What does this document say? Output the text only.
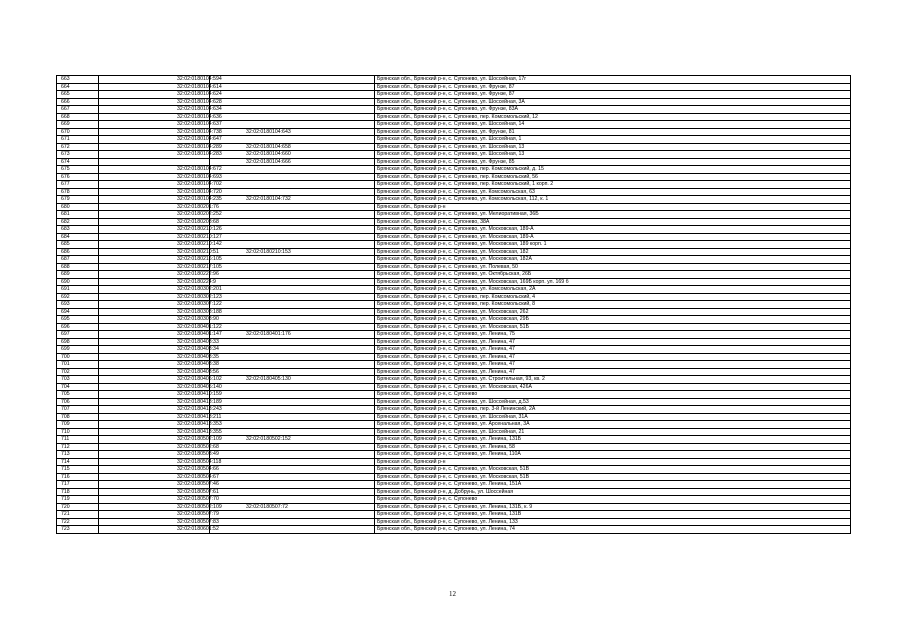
663	32:02:0180104:594		Брянская обл., Брянский р-н, с. Супонево, ул. Шоссейная, 17г
664	32:02:0180104:614		Брянская обл., Брянский р-н, с. Супонево, ул. Фрунзе, 87
665	32:02:0180104:624		Брянская обл., Брянский р-н, с. Супонево, ул. Фрунзе, 87
666	32:02:0180104:628		Брянская обл., Брянский р-н, с. Супонево, ул. Шоссейная, 3А
667	32:02:0180104:634		Брянская обл., Брянский р-н, с. Супонево, ул. Фрунзе, 83А
668	32:02:0180104:636		Брянская обл., Брянский р-н, с. Супонево, пер. Комсомольский, 12
669	32:02:0180104:637		Брянская обл., Брянский р-н, с. Супонево, ул. Шоссейная, 14
670	32:02:0180104:738	32:02:0180104:643	Брянская обл., Брянский р-н, с. Супонево, ул. Фрунзе, 81
671	32:02:0180104:647		Брянская обл., Брянский р-н, с. Супонево, ул. Шоссейная, 1
672	32:02:0180104:289	32:02:0180104:658	Брянская обл., Брянский р-н, с. Супонево, ул. Шоссейная, 13
673	32:02:0180104:283	32:02:0180104:660	Брянская обл., Брянский р-н, с. Супонево, ул. Шоссейная, 13
674		32:02:0180104:666	Брянская обл., Брянский р-н, с. Супонево, ул. Фрунзе, 85
675	32:02:0180104:672		Брянская обл., Брянский р-н, с. Супонево, пер. Комсомольский, д. 15
676	32:02:0180104:693		Брянская обл., Брянский р-н, с. Супонево, пер. Комсомольский, 56
677	32:02:0180104:702		Брянская обл., Брянский р-н, с. Супонево, пер. Комсомольский, 1 корп. 2
678	32:02:0180104:720		Брянская обл., Брянский р-н, с. Супонево, ул. Комсомольская, 63
679	32:02:0180104:235	32:02:0180104:732	Брянская обл., Брянский р-н, с. Супонево, ул. Комсомольская, 112, к. 1
680	32:02:0180201:76		Брянская обл., Брянский р-н
681	32:02:0180202:252		Брянская обл., Брянский р-н, с. Супонево, ул. Мелиоративная, 36Б
682	32:02:0180208:68		Брянская обл., Брянский р-н, с. Супонево, 38А
683	32:02:0180210:126		Брянская обл., Брянский р-н, с. Супонево, ул. Московская, 189-А
684	32:02:0180210:127		Брянская обл., Брянский р-н, с. Супонево, ул. Московская, 189-А
685	32:02:0180210:142		Брянская обл., Брянский р-н, с. Супонево, ул. Московская, 189 корп. 1
686	32:02:0180210:51	32:02:0180210:153	Брянская обл., Брянский р-н, с. Супонево, ул. Московская, 182
687	32:02:0180216:105		Брянская обл., Брянский р-н, с. Супонево, ул. Московская, 182А
688	32:02:0180217:105		Брянская обл., Брянский р-н, с. Супонево, ул. Полевая, 50
689	32:02:0180222:96		Брянская обл., Брянский р-н, с. Супонево, ул. Октябрьская, 26Б
690	32:02:0180224:9		Брянская обл., Брянский р-н, с. Супонево, ул. Московская, 169Б корп. ул. 169 б
691	32:02:0180302:201		Брянская обл., Брянский р-н, с. Супонево, ул. Комсомольская, 2А
692	32:02:0180302:123		Брянская обл., Брянский р-н, с. Супонево, пер. Комсомольский, 4
693	32:02:0180307:122		Брянская обл., Брянский р-н, с. Супонево, пер. Комсомольский, 8
694	32:02:0180308:188		Брянская обл., Брянский р-н, с. Супонево, ул. Московская, 262
695	32:02:0180308:90		Брянская обл., Брянский р-н, с. Супонево, ул. Московская, 29Б
696	32:02:0180401:122		Брянская обл., Брянский р-н, с. Супонево, ул. Московская, 51Б
697	32:02:0180401:147	32:02:0180401:176	Брянская обл., Брянский р-н, с. Супонево, ул. Ленина, 75
698	32:02:0180403:33		Брянская обл., Брянский р-н, с. Супонево, ул. Ленина, 47
699	32:02:0180403:34		Брянская обл., Брянский р-н, с. Супонево, ул. Ленина, 47
700	32:02:0180403:35		Брянская обл., Брянский р-н, с. Супонево, ул. Ленина, 47
701	32:02:0180403:38		Брянская обл., Брянский р-н, с. Супонево, ул. Ленина, 47
702	32:02:0180403:56		Брянская обл., Брянский р-н, с. Супонево, ул. Ленина, 47
703	32:02:0180405:102	32:02:0180405:130	Брянская обл., Брянский р-н, с. Супонево, ул. Строительная, 93, кв. 2
704	32:02:0180405:140		Брянская обл., Брянский р-н, с. Супонево, ул. Московская, 426А
705	32:02:0180410:159		Брянская обл., Брянский р-н, с. Супонево
706	32:02:0180413:189		Брянская обл., Брянский р-н, с. Супонево, ул. Шоссейная, д.53
707	32:02:0180413:243		Брянская обл., Брянский р-н, с. Супонево, пер. 3-й Ленинский, 2А
708	32:02:0180413:211		Брянская обл., Брянский р-н, с. Супонево, ул. Шоссейная, 31А
709	32:02:0180413:353		Брянская обл., Брянский р-н, с. Супонево, ул. Арсенальная, 3А
710	32:02:0180413:355		Брянская обл., Брянский р-н, с. Супонево, ул. Шоссейная, 21
711	32:02:0180502:109	32:02:0180502:152	Брянская обл., Брянский р-н, с. Супонево, ул. Ленина, 131Б
712	32:02:0180502:68		Брянская обл., Брянский р-н, с. Супонево, ул. Ленина, 58
713	32:02:0180503:49		Брянская обл., Брянский р-н, с. Супонево, ул. Ленина, 110А
714	32:02:0180504:118		Брянская обл., Брянский р-н
715	32:02:0180504:66		Брянская обл., Брянский р-н, с. Супонево, ул. Московская, 51В
716	32:02:0180504:67		Брянская обл., Брянский р-н, с. Супонево, ул. Московская, 51В
717	32:02:0180507:46		Брянская обл., Брянский р-н, с. Супонево, ул. Ленина, 151А
718	32:02:0180507:61		Брянская обл., Брянский р-н, д. Добрунь, ул. Шоссейная
719	32:02:0180507:70		Брянская обл., Брянский р-н, с. Супонево
720	32:02:0180502:109	32:02:0180507:72	Брянская обл., Брянский р-н, с. Супонево, ул. Ленина, 131Б, к. 9
721	32:02:0180507:79		Брянская обл., Брянский р-н, с. Супонево, ул. Ленина, 131В
722	32:02:0180507:83		Брянская обл., Брянский р-н, с. Супонево, ул. Ленина, 133
723	32:02:0180601:52		Брянская обл., Брянский р-н, с. Супонево, ул. Ленина, 74
12
